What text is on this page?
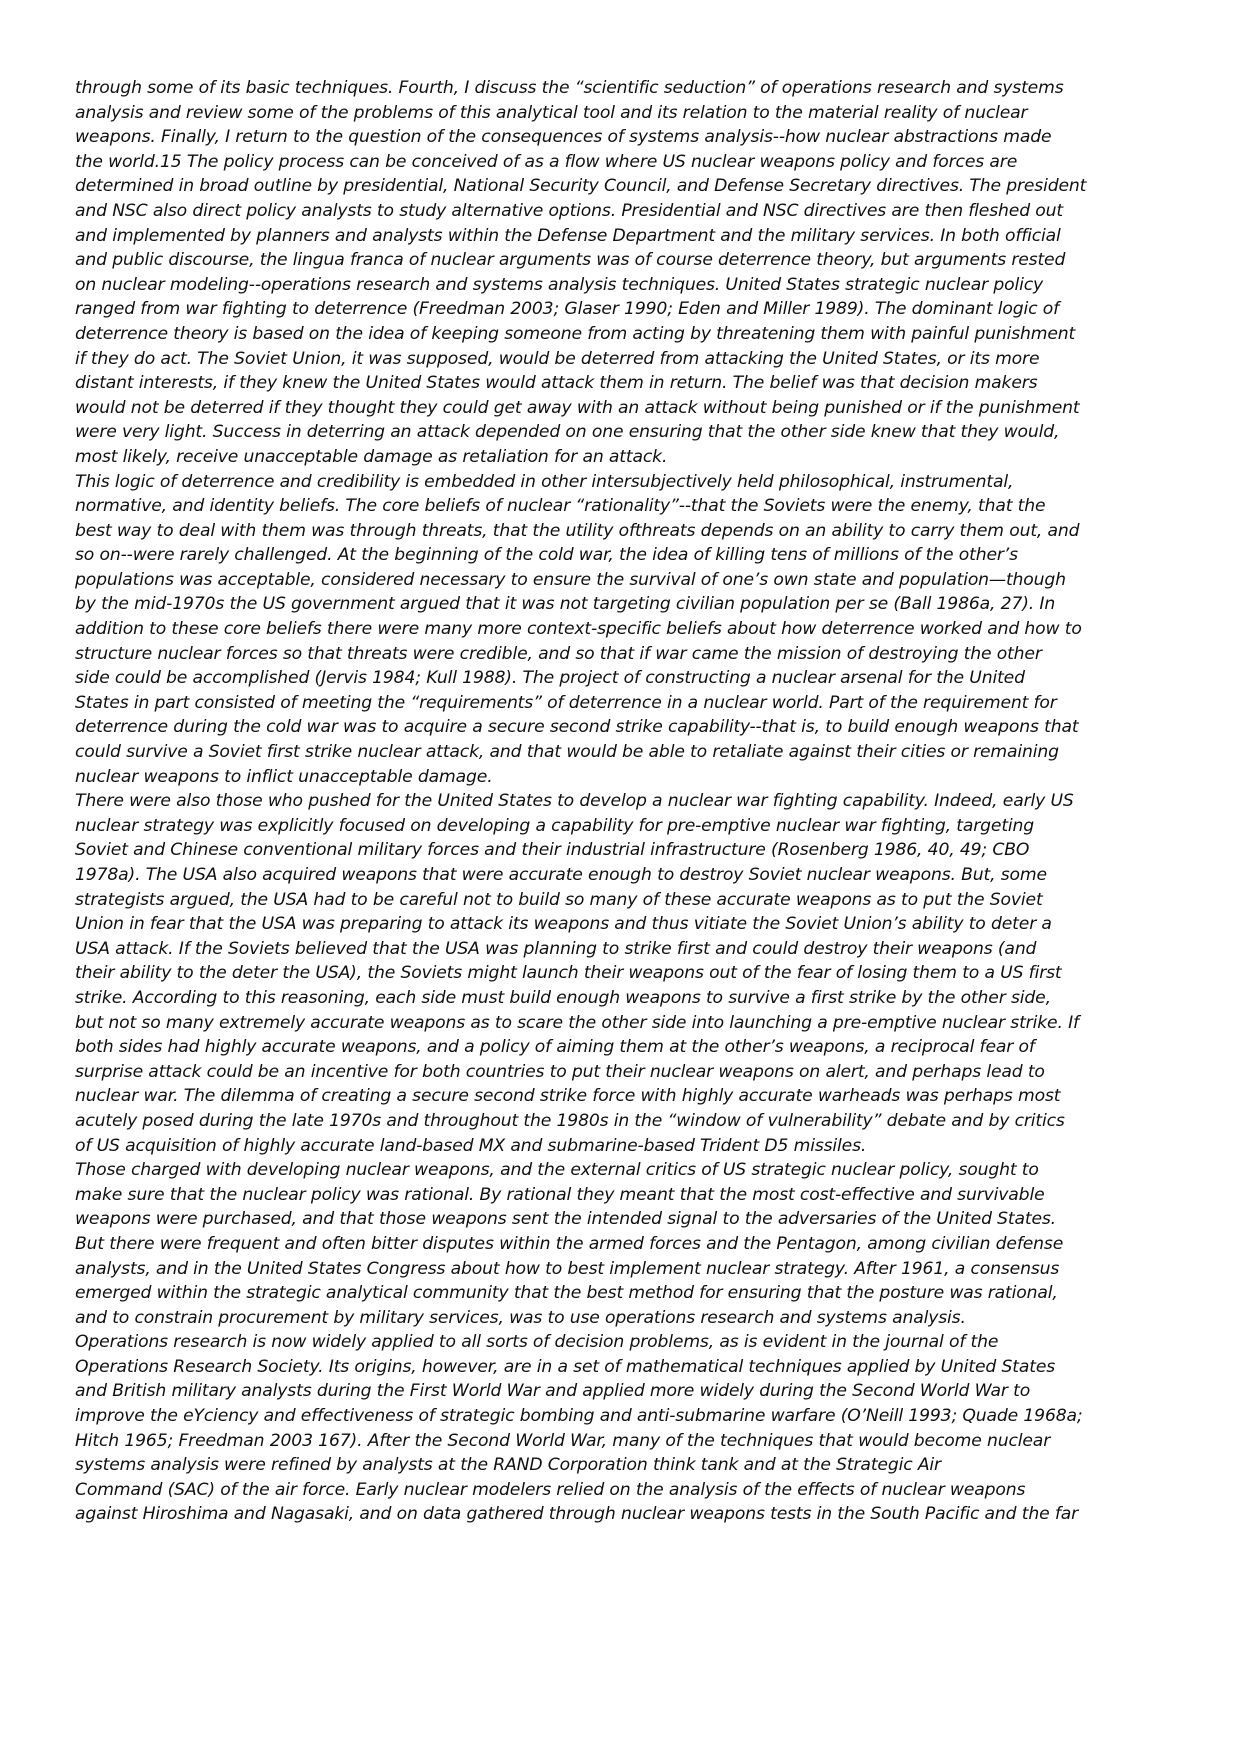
through some of its basic techniques. Fourth, I discuss the “scientific seduction” of operations research and systems
analysis and review some of the problems of this analytical tool and its relation to the material reality of nuclear
weapons. Finally, I return to the question of the consequences of systems analysis--how nuclear abstractions made
the world.15 The policy process can be conceived of as a flow where US nuclear weapons policy and forces are
determined in broad outline by presidential, National Security Council, and Defense Secretary directives. The president
and NSC also direct policy analysts to study alternative options. Presidential and NSC directives are then fleshed out
and implemented by planners and analysts within the Defense Department and the military services. In both official
and public discourse, the lingua franca of nuclear arguments was of course deterrence theory, but arguments rested
on nuclear modeling--operations research and systems analysis techniques. United States strategic nuclear policy
ranged from war fighting to deterrence (Freedman 2003; Glaser 1990; Eden and Miller 1989). The dominant logic of
deterrence theory is based on the idea of keeping someone from acting by threatening them with painful punishment
if they do act. The Soviet Union, it was supposed, would be deterred from attacking the United States, or its more
distant interests, if they knew the United States would attack them in return. The belief was that decision makers
would not be deterred if they thought they could get away with an attack without being punished or if the punishment
were very light. Success in deterring an attack depended on one ensuring that the other side knew that they would,
most likely, receive unacceptable damage as retaliation for an attack.

This logic of deterrence and credibility is embedded in other intersubjectively held philosophical, instrumental,
normative, and identity beliefs. The core beliefs of nuclear “rationality”--that the Soviets were the enemy, that the
best way to deal with them was through threats, that the utility ofthreats depends on an ability to carry them out, and
so on--were rarely challenged. At the beginning of the cold war, the idea of killing tens of millions of the other’s
populations was acceptable, considered necessary to ensure the survival of one’s own state and population—though
by the mid-1970s the US government argued that it was not targeting civilian population per se (Ball 1986a, 27). In
addition to these core beliefs there were many more context-specific beliefs about how deterrence worked and how to
structure nuclear forces so that threats were credible, and so that if war came the mission of destroying the other
side could be accomplished (Jervis 1984; Kull 1988). The project of constructing a nuclear arsenal for the United
States in part consisted of meeting the “requirements” of deterrence in a nuclear world. Part of the requirement for
deterrence during the cold war was to acquire a secure second strike capability--that is, to build enough weapons that
could survive a Soviet first strike nuclear attack, and that would be able to retaliate against their cities or remaining
nuclear weapons to inflict unacceptable damage.

There were also those who pushed for the United States to develop a nuclear war fighting capability. Indeed, early US
nuclear strategy was explicitly focused on developing a capability for pre-emptive nuclear war fighting, targeting
Soviet and Chinese conventional military forces and their industrial infrastructure (Rosenberg 1986, 40, 49; CBO
1978a). The USA also acquired weapons that were accurate enough to destroy Soviet nuclear weapons. But, some
strategists argued, the USA had to be careful not to build so many of these accurate weapons as to put the Soviet
Union in fear that the USA was preparing to attack its weapons and thus vitiate the Soviet Union’s ability to deter a
USA attack. If the Soviets believed that the USA was planning to strike first and could destroy their weapons (and
their ability to the deter the USA), the Soviets might launch their weapons out of the fear of losing them to a US first
strike. According to this reasoning, each side must build enough weapons to survive a first strike by the other side,
but not so many extremely accurate weapons as to scare the other side into launching a pre-emptive nuclear strike. If
both sides had highly accurate weapons, and a policy of aiming them at the other’s weapons, a reciprocal fear of
surprise attack could be an incentive for both countries to put their nuclear weapons on alert, and perhaps lead to
nuclear war. The dilemma of creating a secure second strike force with highly accurate warheads was perhaps most
acutely posed during the late 1970s and throughout the 1980s in the “window of vulnerability” debate and by critics
of US acquisition of highly accurate land-based MX and submarine-based Trident D5 missiles.

Those charged with developing nuclear weapons, and the external critics of US strategic nuclear policy, sought to
make sure that the nuclear policy was rational. By rational they meant that the most cost-effective and survivable
weapons were purchased, and that those weapons sent the intended signal to the adversaries of the United States.
But there were frequent and often bitter disputes within the armed forces and the Pentagon, among civilian defense
analysts, and in the United States Congress about how to best implement nuclear strategy. After 1961, a consensus
emerged within the strategic analytical community that the best method for ensuring that the posture was rational,
and to constrain procurement by military services, was to use operations research and systems analysis.

Operations research is now widely applied to all sorts of decision problems, as is evident in the journal of the
Operations Research Society. Its origins, however, are in a set of mathematical techniques applied by United States
and British military analysts during the First World War and applied more widely during the Second World War to
improve the eYciency and effectiveness of strategic bombing and anti-submarine warfare (O’Neill 1993; Quade 1968a;
Hitch 1965; Freedman 2003 167). After the Second World War, many of the techniques that would become nuclear
systems analysis were refined by analysts at the RAND Corporation think tank and at the Strategic Air
Command (SAC) of the air force. Early nuclear modelers relied on the analysis of the effects of nuclear weapons
against Hiroshima and Nagasaki, and on data gathered through nuclear weapons tests in the South Pacific and the far
